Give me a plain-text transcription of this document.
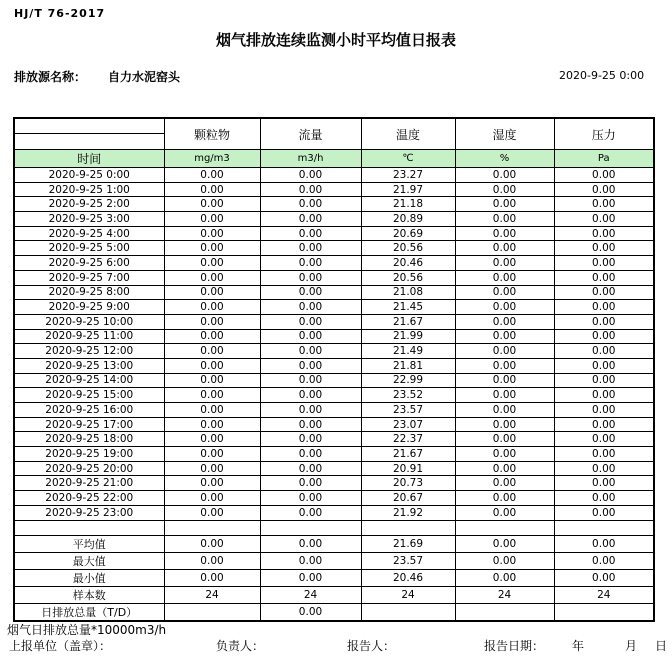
HJ/T 76-2017
烟气排放连续监测小时平均值日报表
排放源名称： 自力水泥窑头	2020-9-25 0:00
	颗粒物	流量	温度	湿度	压力
时间	mg/m3	m3/h	℃	%	Pa
2020-9-25 0:00	0.00	0.00	23.27	0.00	0.00
2020-9-25 1:00	0.00	0.00	21.97	0.00	0.00
2020-9-25 2:00	0.00	0.00	21.18	0.00	0.00
2020-9-25 3:00	0.00	0.00	20.89	0.00	0.00
2020-9-25 4:00	0.00	0.00	20.69	0.00	0.00
2020-9-25 5:00	0.00	0.00	20.56	0.00	0.00
2020-9-25 6:00	0.00	0.00	20.46	0.00	0.00
2020-9-25 7:00	0.00	0.00	20.56	0.00	0.00
2020-9-25 8:00	0.00	0.00	21.08	0.00	0.00
2020-9-25 9:00	0.00	0.00	21.45	0.00	0.00
2020-9-25 10:00	0.00	0.00	21.67	0.00	0.00
2020-9-25 11:00	0.00	0.00	21.99	0.00	0.00
2020-9-25 12:00	0.00	0.00	21.49	0.00	0.00
2020-9-25 13:00	0.00	0.00	21.81	0.00	0.00
2020-9-25 14:00	0.00	0.00	22.99	0.00	0.00
2020-9-25 15:00	0.00	0.00	23.52	0.00	0.00
2020-9-25 16:00	0.00	0.00	23.57	0.00	0.00
2020-9-25 17:00	0.00	0.00	23.07	0.00	0.00
2020-9-25 18:00	0.00	0.00	22.37	0.00	0.00
2020-9-25 19:00	0.00	0.00	21.67	0.00	0.00
2020-9-25 20:00	0.00	0.00	20.91	0.00	0.00
2020-9-25 21:00	0.00	0.00	20.73	0.00	0.00
2020-9-25 22:00	0.00	0.00	20.67	0.00	0.00
2020-9-25 23:00	0.00	0.00	21.92	0.00	0.00

平均值	0.00	0.00	21.69	0.00	0.00
最大值	0.00	0.00	23.57	0.00	0.00
最小值	0.00	0.00	20.46	0.00	0.00
样本数	24	24	24	24	24
日排放总量（T/D）		0.00			
烟气日排放总量*10000m3/h
上报单位（盖章）：	负责人：	报告人：	报告日期： 年	月 日
